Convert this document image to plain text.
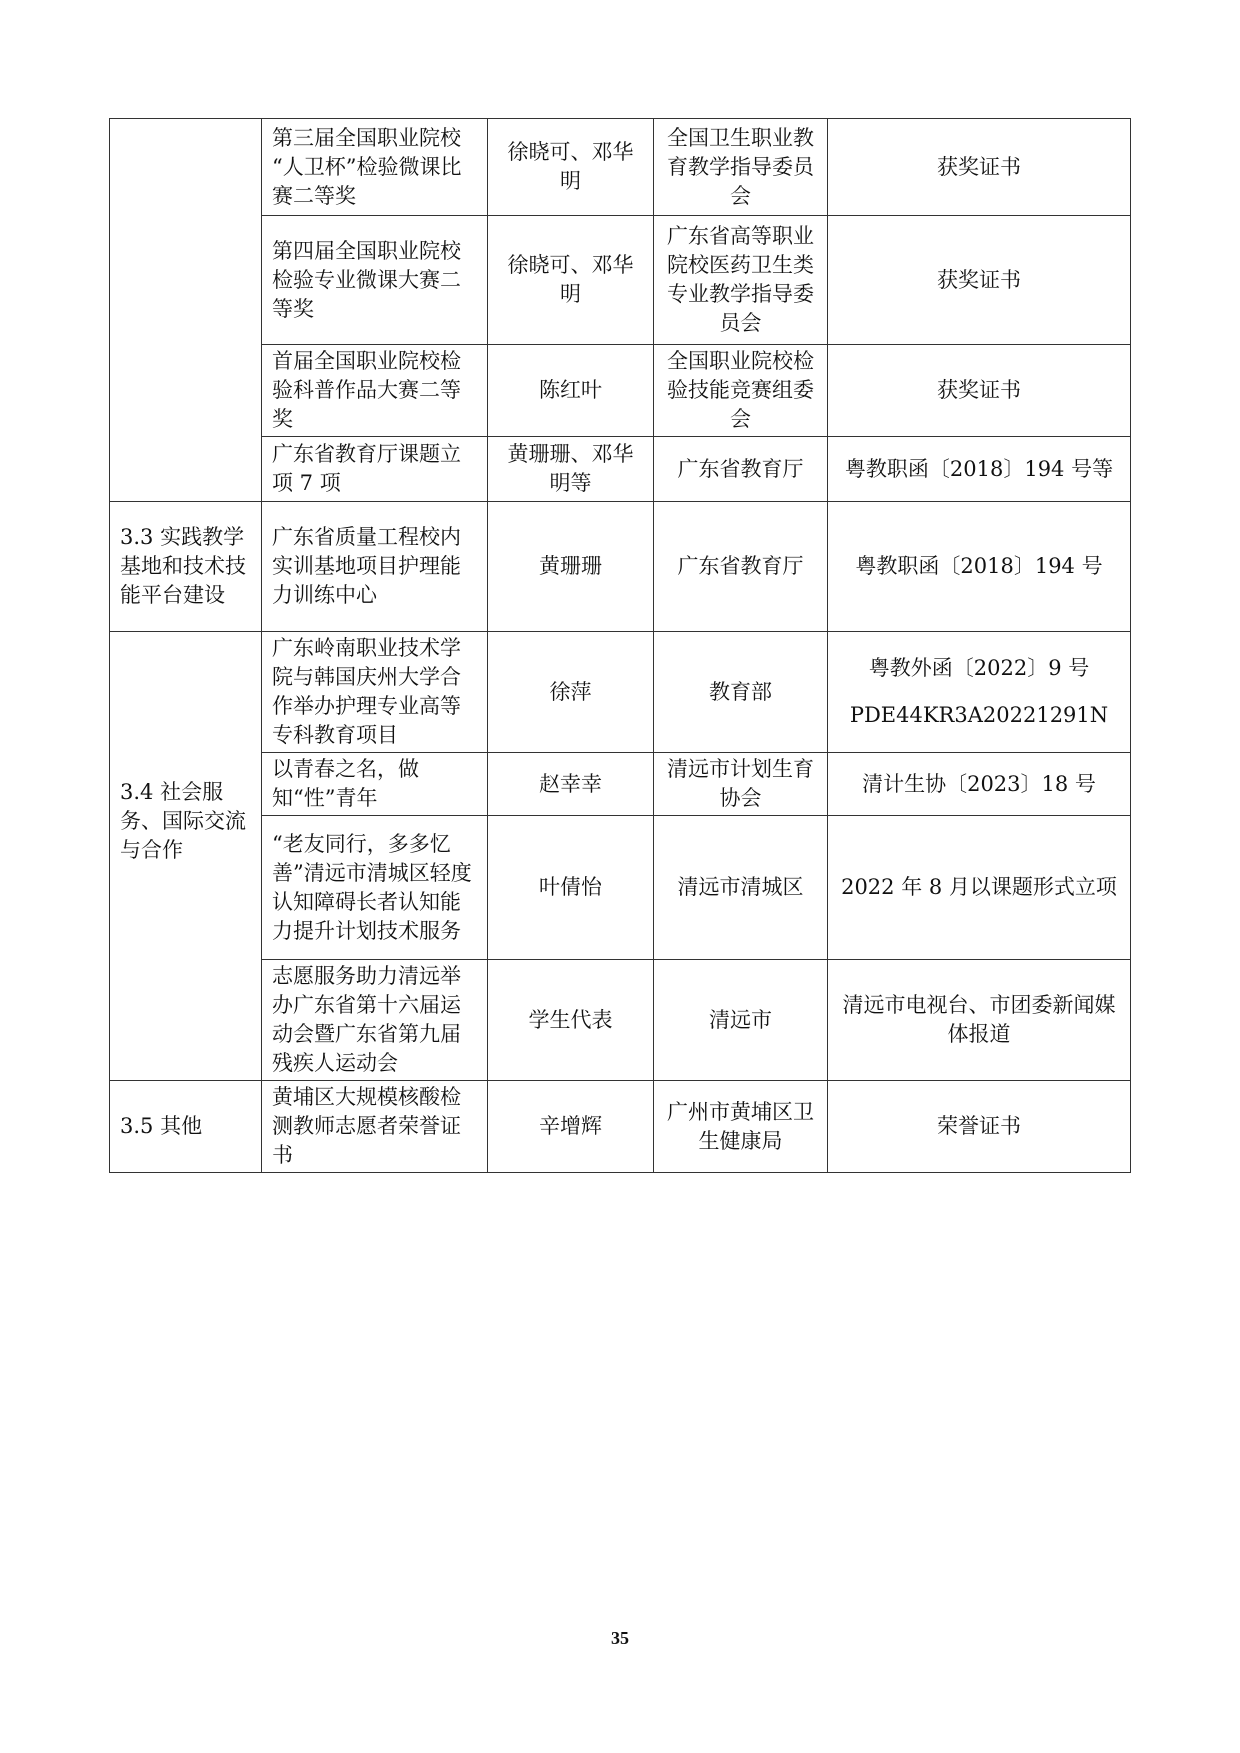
	第三届全国职业院校 “人卫杯”检验微课比赛二等奖	徐晓可、邓华明	全国卫生职业教育教学指导委员会	获奖证书

	第四届全国职业院校检验专业微课大赛二等奖	徐晓可、邓华明	广东省高等职业院校医药卫生类专业教学指导委员会	获奖证书

	首届全国职业院校检验科普作品大赛二等奖	陈红叶	全国职业院校检验技能竞赛组委会	获奖证书

	广东省教育厅课题立项 7 项	黄珊珊、邓华明等	广东省教育厅	粤教职函〔2018〕194 号等

3.3 实践教学基地和技术技能平台建设	广东省质量工程校内实训基地项目护理能力训练中心	黄珊珊	广东省教育厅	粤教职函〔2018〕194 号

3.4 社会服务、国际交流与合作	广东岭南职业技术学院与韩国庆州大学合作举办护理专业高等专科教育项目	徐萍	教育部	粤教外函〔2022〕9 号
PDE44KR3A20221291N

	以青春之名，做知“性”青年	赵幸幸	清远市计划生育协会	清计生协〔2023〕18 号

	“老友同行，多多忆善”清远市清城区轻度认知障碍长者认知能力提升计划技术服务	叶倩怡	清远市清城区	2022 年 8 月以课题形式立项

	志愿服务助力清远举办广东省第十六届运动会暨广东省第九届残疾人运动会	学生代表	清远市	清远市电视台、市团委新闻媒体报道

3.5 其他	黄埔区大规模核酸检测教师志愿者荣誉证书	辛增辉	广州市黄埔区卫生健康局	荣誉证书
35
